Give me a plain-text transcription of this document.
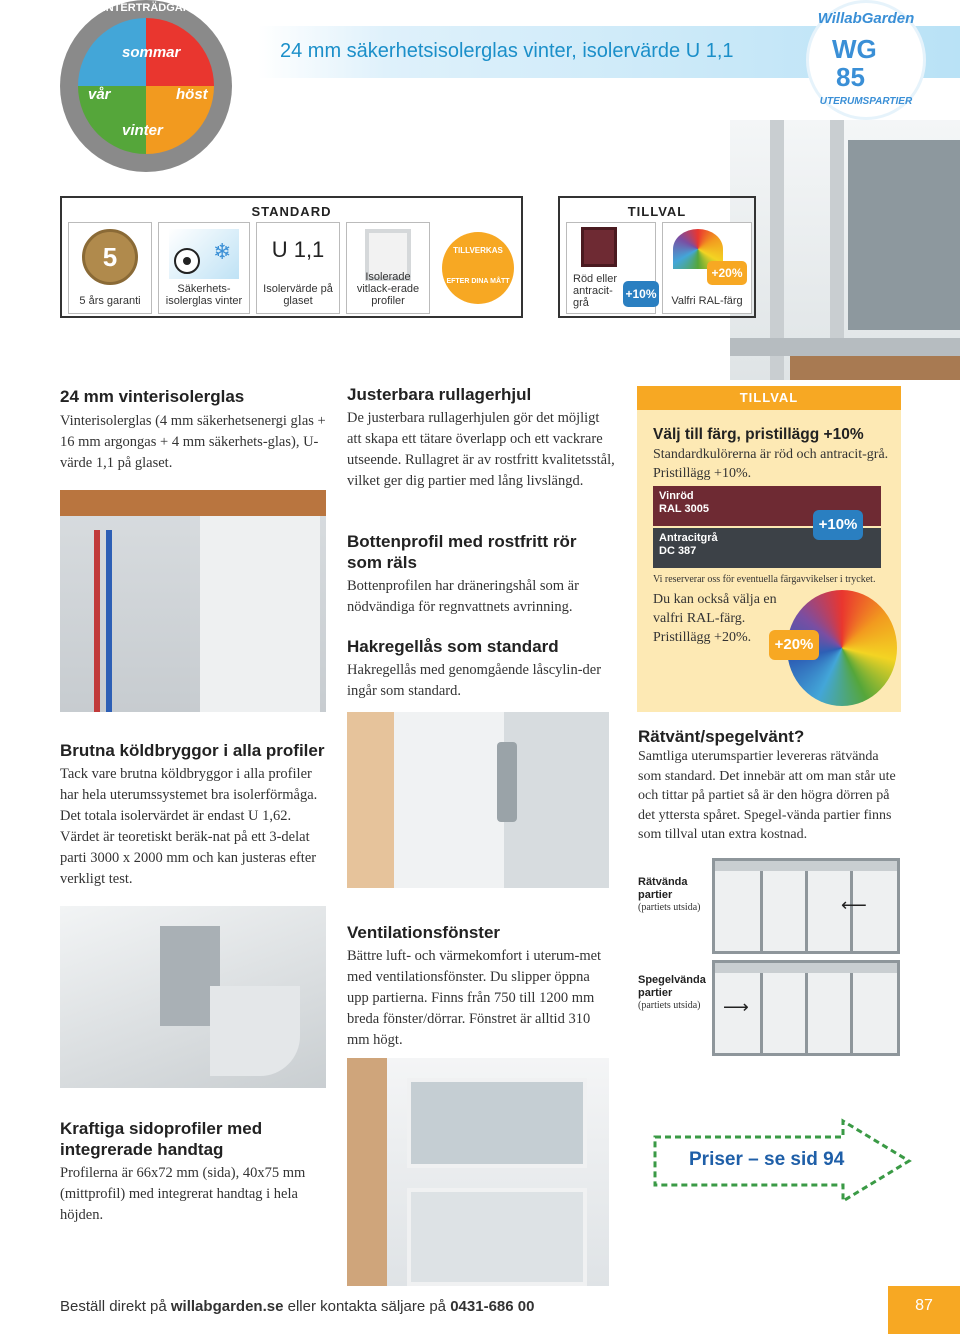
sommar
vår	höst
vinter
VINTERTRÄDGÅRD
24 mm säkerhetsisolerglas vinter, isolervärde U 1,1
WillabGarden
WG
85
UTERUMSPARTIER
STANDARD
5
5 års garanti
❄
Säkerhets-isolerglas vinter
U 1,1
Isolervärde på glaset
Isolerade vitlack-erade profiler
TILLVERKAS
EFTER DINA MÅTT
TILLVAL
Röd eller antracit-grå
+10%
+20%
Valfri RAL-färg
24 mm vinterisolerglas

Vinterisolerglas (4 mm säkerhetsenergi glas + 16 mm argongas + 4 mm säkerhets-glas), U-värde 1,1 på glaset.

Justerbara rullagerhjul

De justerbara rullagerhjulen gör det möjligt att skapa ett tätare överlapp och ett vackrare utseende. Rullagret är av rostfritt kvalitetsstål, vilket ger dig partier med lång livslängd.

Bottenprofil med rostfritt rör som räls

Bottenprofilen har dräneringshål som är nödvändiga för regnvattnets avrinning.

Hakregellås som standard

Hakregellås med genomgående låscylin-der ingår som standard.

TILLVAL
Välj till färg, pristillägg +10%

Standardkulörerna är röd och antracit-grå. Pristillägg +10%.

Vinröd
RAL 3005
Antracitgrå
DC 387
+10%
Vi reserverar oss för eventuella färgavvikelser i trycket.
Du kan också välja en valfri RAL-färg. Pristillägg +20%.	+20%
Brutna köldbryggor i alla profiler

Tack vare brutna köldbryggor i alla profiler har hela uterumssystemet bra isolerförmåga. Det totala isolervärdet är endast U 1,62. Värdet är teoretiskt beräk-nat på ett 3-delat parti 3000 x 2000 mm och kan justeras efter verkligt test.

Ventilationsfönster

Bättre luft- och värmekomfort i uterum-met med ventilationsfönster. Du slipper öppna upp partierna. Finns från 750 till 1200 mm breda fönster/dörrar. Fönstret är alltid 310 mm högt.

Rätvänt/spegelvänt?

Samtliga uterumspartier levereras rätvända som standard. Det innebär att om man står ute och tittar på partiet så är den högra dörren på det yttersta spåret. Spegel-vända partier finns som tillval utan extra kostnad.

Rätvända partier
(partiets utsida)
Spegelvända partier
(partiets utsida)
⟵
⟶
Kraftiga sidoprofiler med integrerade handtag

Profilerna är 66x72 mm (sida), 40x75 mm (mittprofil) med integrerat handtag i hela höjden.

Priser – se sid 94
Beställ direkt på willabgarden.se eller kontakta säljare på 0431-686 00	87
